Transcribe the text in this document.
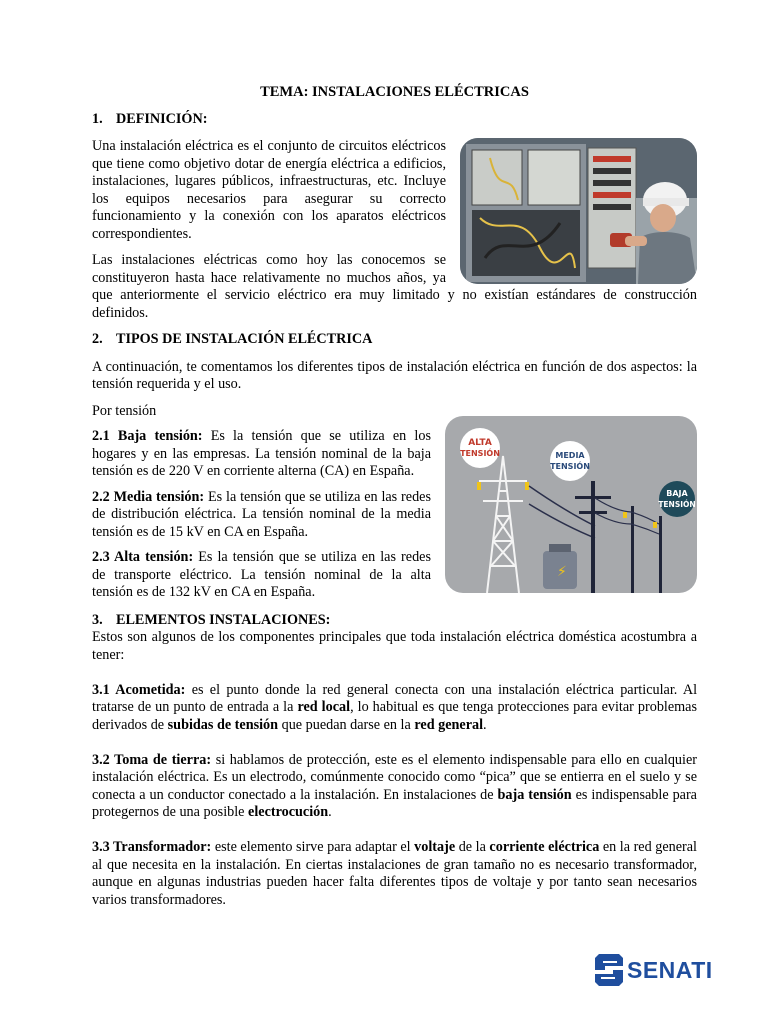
TEMA: INSTALACIONES ELÉCTRICAS

1. DEFINICIÓN:

Una instalación eléctrica es el conjunto de circuitos eléctricos que tiene como objetivo dotar de energía eléctrica a edificios, instalaciones, lugares públicos, infraestructuras, etc. Incluye los equipos necesarios para asegurar su correcto funcionamiento y la conexión con los aparatos eléctricos correspondientes.

Las instalaciones eléctricas como hoy las conocemos se constituyeron hasta hace relativamente no muchos años, ya que anteriormente el servicio eléctrico era muy limitado y no existían estándares de construcción definidos.

2. TIPOS DE INSTALACIÓN ELÉCTRICA

A continuación, te comentamos los diferentes tipos de instalación eléctrica en función de dos aspectos: la tensión requerida y el uso.

Por tensión

⚡
ALTA
TENSIÓN	MEDIA
TENSIÓN
BAJA
TENSIÓN

2.1 Baja tensión: Es la tensión que se utiliza en los hogares y en las empresas. La tensión nominal de la baja tensión es de 220 V en corriente alterna (CA) en España.

2.2 Media tensión: Es la tensión que se utiliza en las redes de distribución eléctrica. La tensión nominal de la media tensión es de 15 kV en CA en España.

2.3 Alta tensión: Es la tensión que se utiliza en las redes de transporte eléctrico. La tensión nominal de la alta tensión es de 132 kV en CA en España.

3. ELEMENTOS INSTALACIONES:

Estos son algunos de los componentes principales que toda instalación eléctrica doméstica acostumbra a tener:

3.1 Acometida: es el punto donde la red general conecta con una instalación eléctrica particular. Al tratarse de un punto de entrada a la red local, lo habitual es que tenga protecciones para evitar problemas derivados de subidas de tensión que puedan darse en la red general.

3.2 Toma de tierra: si hablamos de protección, este es el elemento indispensable para ello en cualquier instalación eléctrica. Es un electrodo, comúnmente conocido como “pica” que se entierra en el suelo y se conecta a un conductor conectado a la instalación. En instalaciones de baja tensión es indispensable para protegernos de una posible electrocución.

3.3 Transformador: este elemento sirve para adaptar el voltaje de la corriente eléctrica en la red general al que necesita en la instalación. En ciertas instalaciones de gran tamaño no es necesario transformador, aunque en algunas industrias pueden hacer falta diferentes tipos de voltaje y por tanto sean necesarios varios transformadores.

SENATI
